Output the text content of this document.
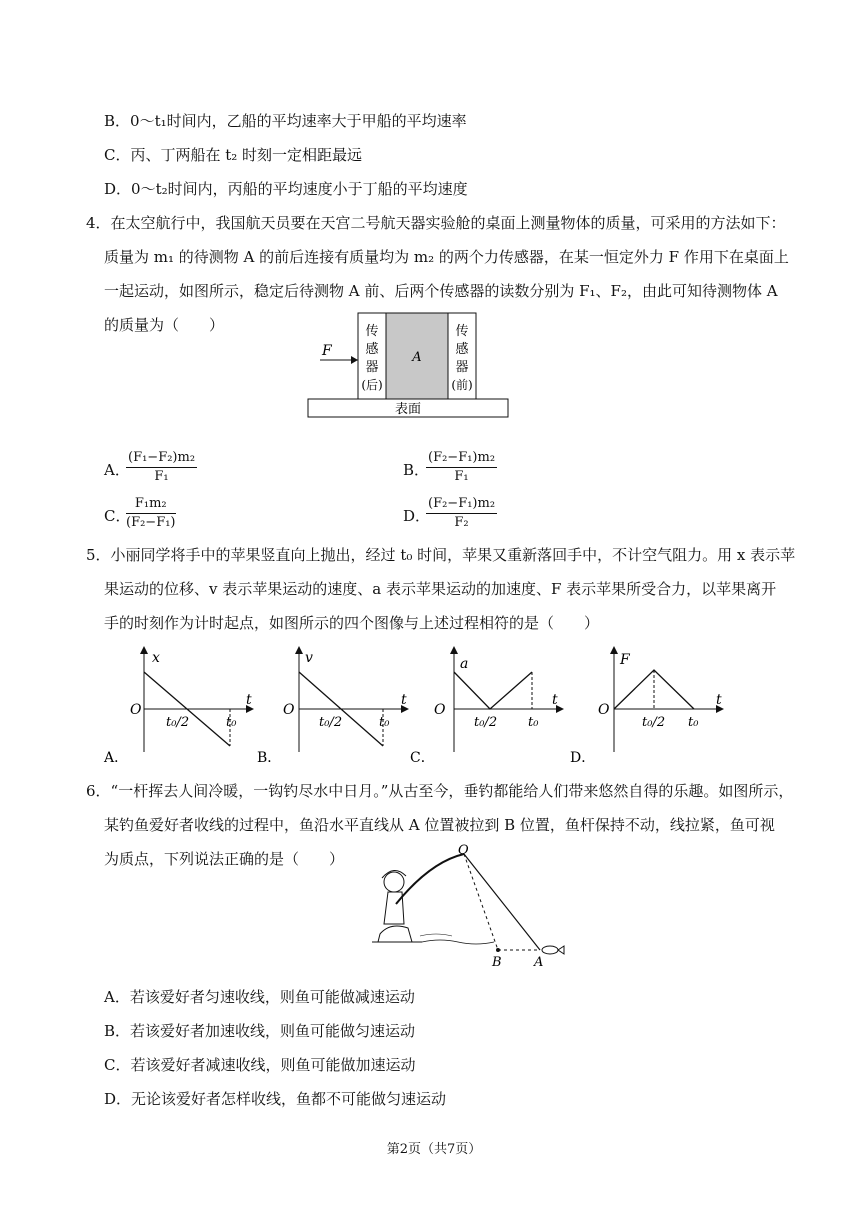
B．0～t₁时间内，乙船的平均速率大于甲船的平均速率
C．丙、丁两船在 t₂ 时刻一定相距最远
D．0～t₂时间内，丙船的平均速度小于丁船的平均速度
4．在太空航行中，我国航天员要在天宫二号航天器实验舱的桌面上测量物体的质量，可采用的方法如下：
质量为 m₁ 的待测物 A 的前后连接有质量均为 m₂ 的两个力传感器，在某一恒定外力 F 作用下在桌面上
一起运动，如图所示，稳定后待测物 A 前、后两个传感器的读数分别为 F₁、F₂，由此可知待测物体 A
的质量为（　　）
F
传
感
器
(后)
A
传
感
器
(前)
表面
A．
$\frac{\text{(F₁−F₂)m₂}}{\text{F₁}}$	B．
$\frac{\text{(F₂−F₁)m₂}}{\text{F₁}}$
C．
$\frac{\text{F₁m₂}}{\text{(F₂−F₁)}}$	D．
$\frac{\text{(F₂−F₁)m₂}}{\text{F₂}}$
5．小丽同学将手中的苹果竖直向上抛出，经过 t₀ 时间，苹果又重新落回手中，不计空气阻力。用 x 表示苹
果运动的位移、v 表示苹果运动的速度、a 表示苹果运动的加速度、F 表示苹果所受合力，以苹果离开
手的时刻作为计时起点，如图所示的四个图像与上述过程相符的是（　　）
x
O
t
t₀/2	t₀
A．
v
O
t
t₀/2	t₀
B．
a
O
t
t₀/2 t₀
C．
F
O
t
t₀/2 t₀
D．
6．“一杆挥去人间冷暖，一钩钓尽水中日月。”从古至今，垂钓都能给人们带来悠然自得的乐趣。如图所示，
某钓鱼爱好者收线的过程中，鱼沿水平直线从 A 位置被拉到 B 位置，鱼杆保持不动，线拉紧，鱼可视
为质点，下列说法正确的是（　　）	O
B A
A．若该爱好者匀速收线，则鱼可能做减速运动
B．若该爱好者加速收线，则鱼可能做匀速运动
C．若该爱好者减速收线，则鱼可能做加速运动
D．无论该爱好者怎样收线，鱼都不可能做匀速运动
第2页（共7页）
